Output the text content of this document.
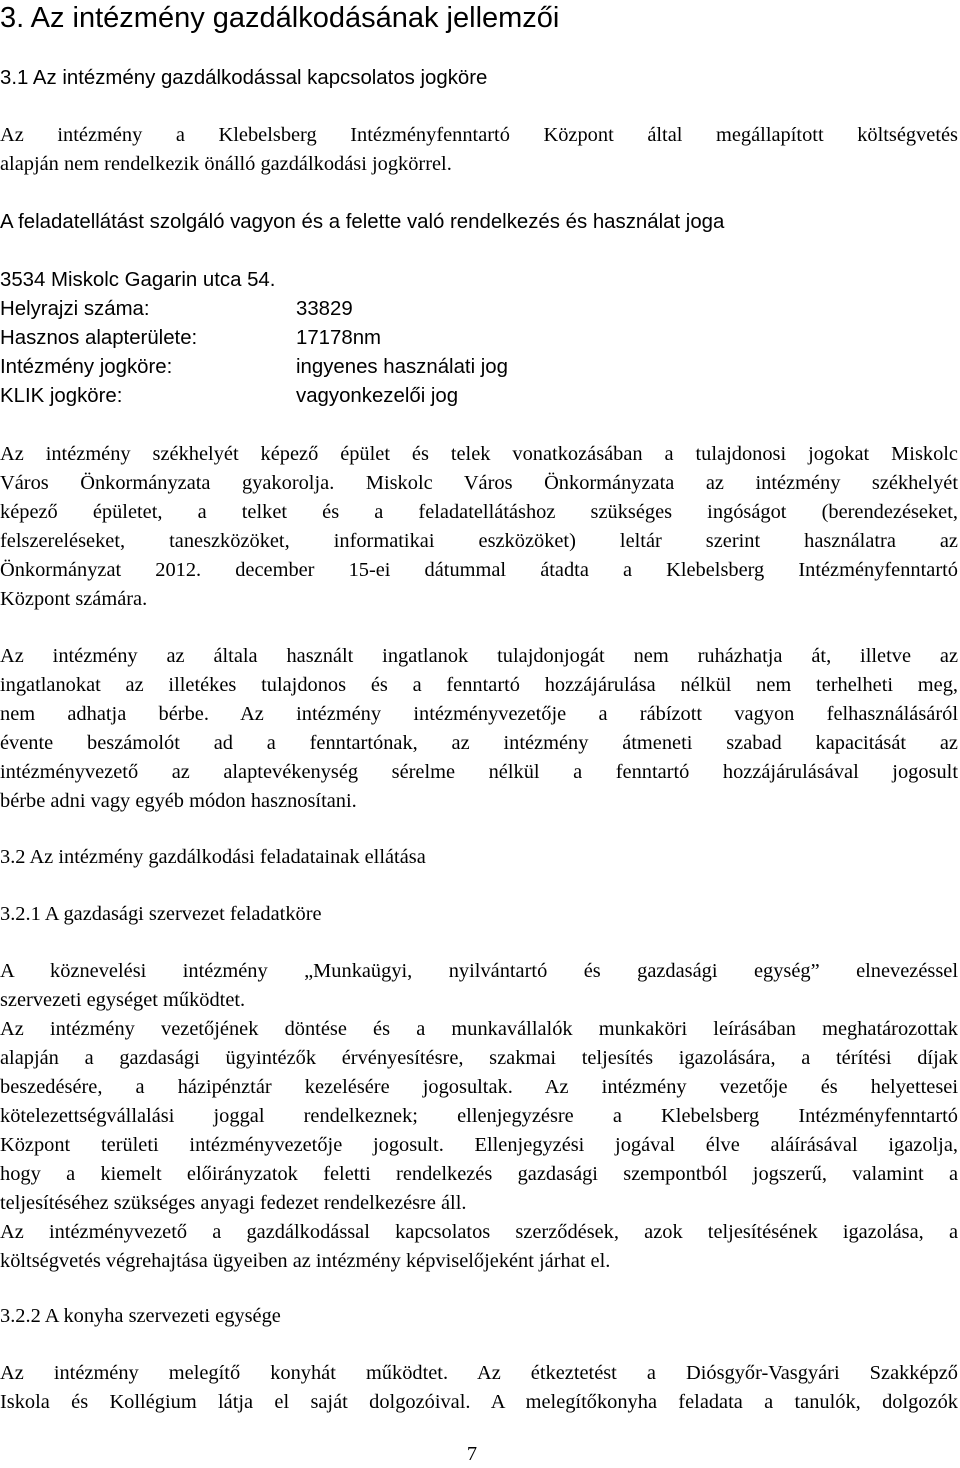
3. Az intézmény gazdálkodásának jellemzői
3.1 Az intézmény gazdálkodással kapcsolatos jogköre
Az intézmény a Klebelsberg Intézményfenntartó Központ által megállapított költségvetés
alapján nem rendelkezik önálló gazdálkodási jogkörrel.
A feladatellátást szolgáló vagyon és a felette való rendelkezés és használat joga
3534 Miskolc Gagarin utca 54.
Helyrajzi száma:	33829
Hasznos alapterülete:	17178nm
Intézmény jogköre:	ingyenes használati jog
KLIK jogköre:	vagyonkezelői jog
Az intézmény székhelyét képező épület és telek vonatkozásában a tulajdonosi jogokat Miskolc
Város Önkormányzata gyakorolja. Miskolc Város Önkormányzata az intézmény székhelyét
képező épületet, a telket és a feladatellátáshoz szükséges ingóságot (berendezéseket,
felszereléseket, taneszközöket, informatikai eszközöket) leltár szerint használatra az
Önkormányzat 2012. december 15-ei dátummal átadta a Klebelsberg Intézményfenntartó
Központ számára.
Az intézmény az általa használt ingatlanok tulajdonjogát nem ruházhatja át, illetve az
ingatlanokat az illetékes tulajdonos és a fenntartó hozzájárulása nélkül nem terhelheti meg,
nem adhatja bérbe. Az intézmény intézményvezetője a rábízott vagyon felhasználásáról
évente beszámolót ad a fenntartónak, az intézmény átmeneti szabad kapacitását az
intézményvezető az alaptevékenység sérelme nélkül a fenntartó hozzájárulásával jogosult
bérbe adni vagy egyéb módon hasznosítani.
3.2 Az intézmény gazdálkodási feladatainak ellátása
3.2.1 A gazdasági szervezet feladatköre
A köznevelési intézmény „Munkaügyi, nyilvántartó és gazdasági egység” elnevezéssel
szervezeti egységet működtet.
Az intézmény vezetőjének döntése és a munkavállalók munkaköri leírásában meghatározottak
alapján a gazdasági ügyintézők érvényesítésre, szakmai teljesítés igazolására, a térítési díjak
beszedésére, a házipénztár kezelésére jogosultak. Az intézmény vezetője és helyettesei
kötelezettségvállalási joggal rendelkeznek; ellenjegyzésre a Klebelsberg Intézményfenntartó
Központ területi intézményvezetője jogosult. Ellenjegyzési jogával élve aláírásával igazolja,
hogy a kiemelt előirányzatok feletti rendelkezés gazdasági szempontból jogszerű, valamint a
teljesítéséhez szükséges anyagi fedezet rendelkezésre áll.
Az intézményvezető a gazdálkodással kapcsolatos szerződések, azok teljesítésének igazolása, a
költségvetés végrehajtása ügyeiben az intézmény képviselőjeként járhat el.
3.2.2 A konyha szervezeti egysége
Az intézmény melegítő konyhát működtet. Az étkeztetést a Diósgyőr-Vasgyári Szakképző
Iskola és Kollégium látja el saját dolgozóival. A melegítőkonyha feladata a tanulók, dolgozók
7
